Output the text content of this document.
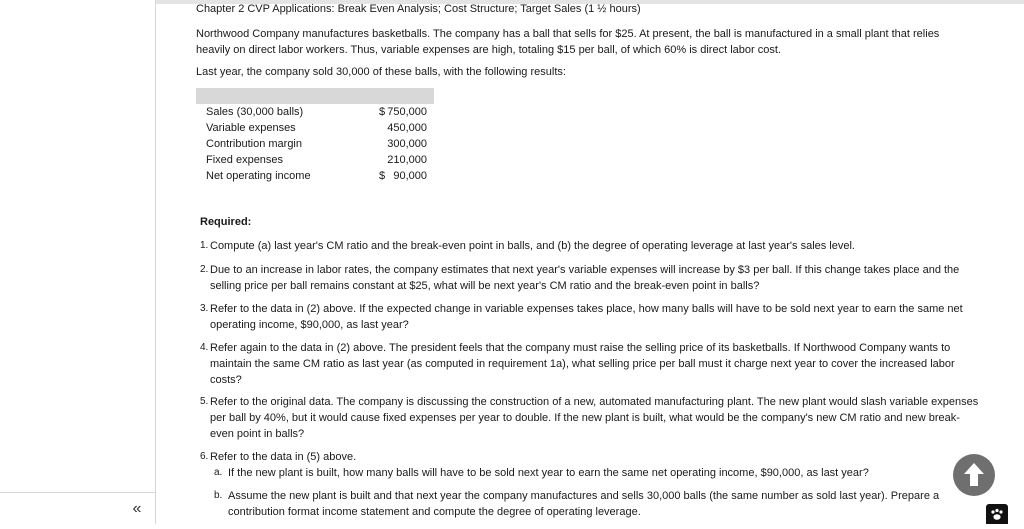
«
Chapter 2 CVP Applications: Break Even Analysis; Cost Structure; Target Sales (1 ½ hours)
Northwood Company manufactures basketballs. The company has a ball that sells for $25. At present, the ball is manufactured in a small plant that relies heavily on direct labor workers. Thus, variable expenses are high, totaling $15 per ball, of which 60% is direct labor cost.
Last year, the company sold 30,000 of these balls, with the following results:
Sales (30,000 balls)	$ 750,000
Variable expenses	450,000
Contribution margin	300,000
Fixed expenses	210,000
Net operating income	$ 90,000
Required:
1. Compute (a) last year's CM ratio and the break-even point in balls, and (b) the degree of operating leverage at last year's sales level.
2. Due to an increase in labor rates, the company estimates that next year's variable expenses will increase by $3 per ball. If this change takes place and the selling price per ball remains constant at $25, what will be next year's CM ratio and the break-even point in balls?
3. Refer to the data in (2) above. If the expected change in variable expenses takes place, how many balls will have to be sold next year to earn the same net operating income, $90,000, as last year?
4. Refer again to the data in (2) above. The president feels that the company must raise the selling price of its basketballs. If Northwood Company wants to maintain the same CM ratio as last year (as computed in requirement 1a), what selling price per ball must it charge next year to cover the increased labor costs?
5. Refer to the original data. The company is discussing the construction of a new, automated manufacturing plant. The new plant would slash variable expenses per ball by 40%, but it would cause fixed expenses per year to double. If the new plant is built, what would be the company's new CM ratio and new break-even point in balls?
6. Refer to the data in (5) above.
a. If the new plant is built, how many balls will have to be sold next year to earn the same net operating income, $90,000, as last year?
b. Assume the new plant is built and that next year the company manufactures and sells 30,000 balls (the same number as sold last year). Prepare a contribution format income statement and compute the degree of operating leverage.
